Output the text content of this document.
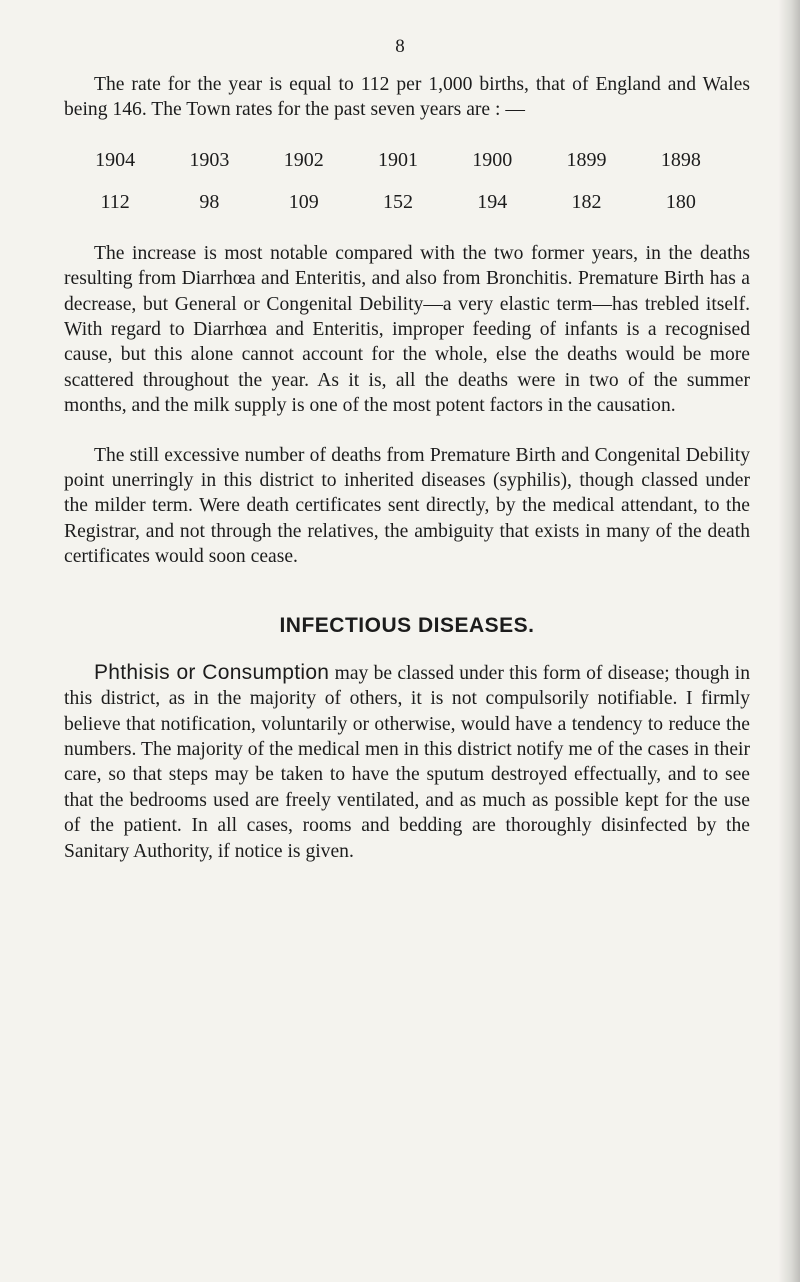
8

The rate for the year is equal to 112 per 1,000 births, that of England and Wales being 146. The Town rates for the past seven years are : —

1904	1903	1902	1901	1900	1899	1898
112	98	109	152	194	182	180

The increase is most notable compared with the two former years, in the deaths resulting from Diarrhœa and Enteritis, and also from Bronchitis. Premature Birth has a decrease, but General or Congenital Debility—a very elastic term—has trebled itself. With regard to Diarrhœa and Enteritis, improper feeding of infants is a recognised cause, but this alone cannot account for the whole, else the deaths would be more scattered throughout the year. As it is, all the deaths were in two of the summer months, and the milk supply is one of the most potent factors in the causation.

The still excessive number of deaths from Premature Birth and Congenital Debility point unerringly in this district to inherited diseases (syphilis), though classed under the milder term. Were death certificates sent directly, by the medical attendant, to the Registrar, and not through the relatives, the ambiguity that exists in many of the death certificates would soon cease.

INFECTIOUS DISEASES.

Phthisis or Consumption may be classed under this form of disease; though in this district, as in the majority of others, it is not compulsorily notifiable. I firmly believe that notification, voluntarily or otherwise, would have a tendency to reduce the numbers. The majority of the medical men in this district notify me of the cases in their care, so that steps may be taken to have the sputum destroyed effectually, and to see that the bedrooms used are freely ventilated, and as much as possible kept for the use of the patient. In all cases, rooms and bedding are thoroughly disinfected by the Sanitary Authority, if notice is given.
